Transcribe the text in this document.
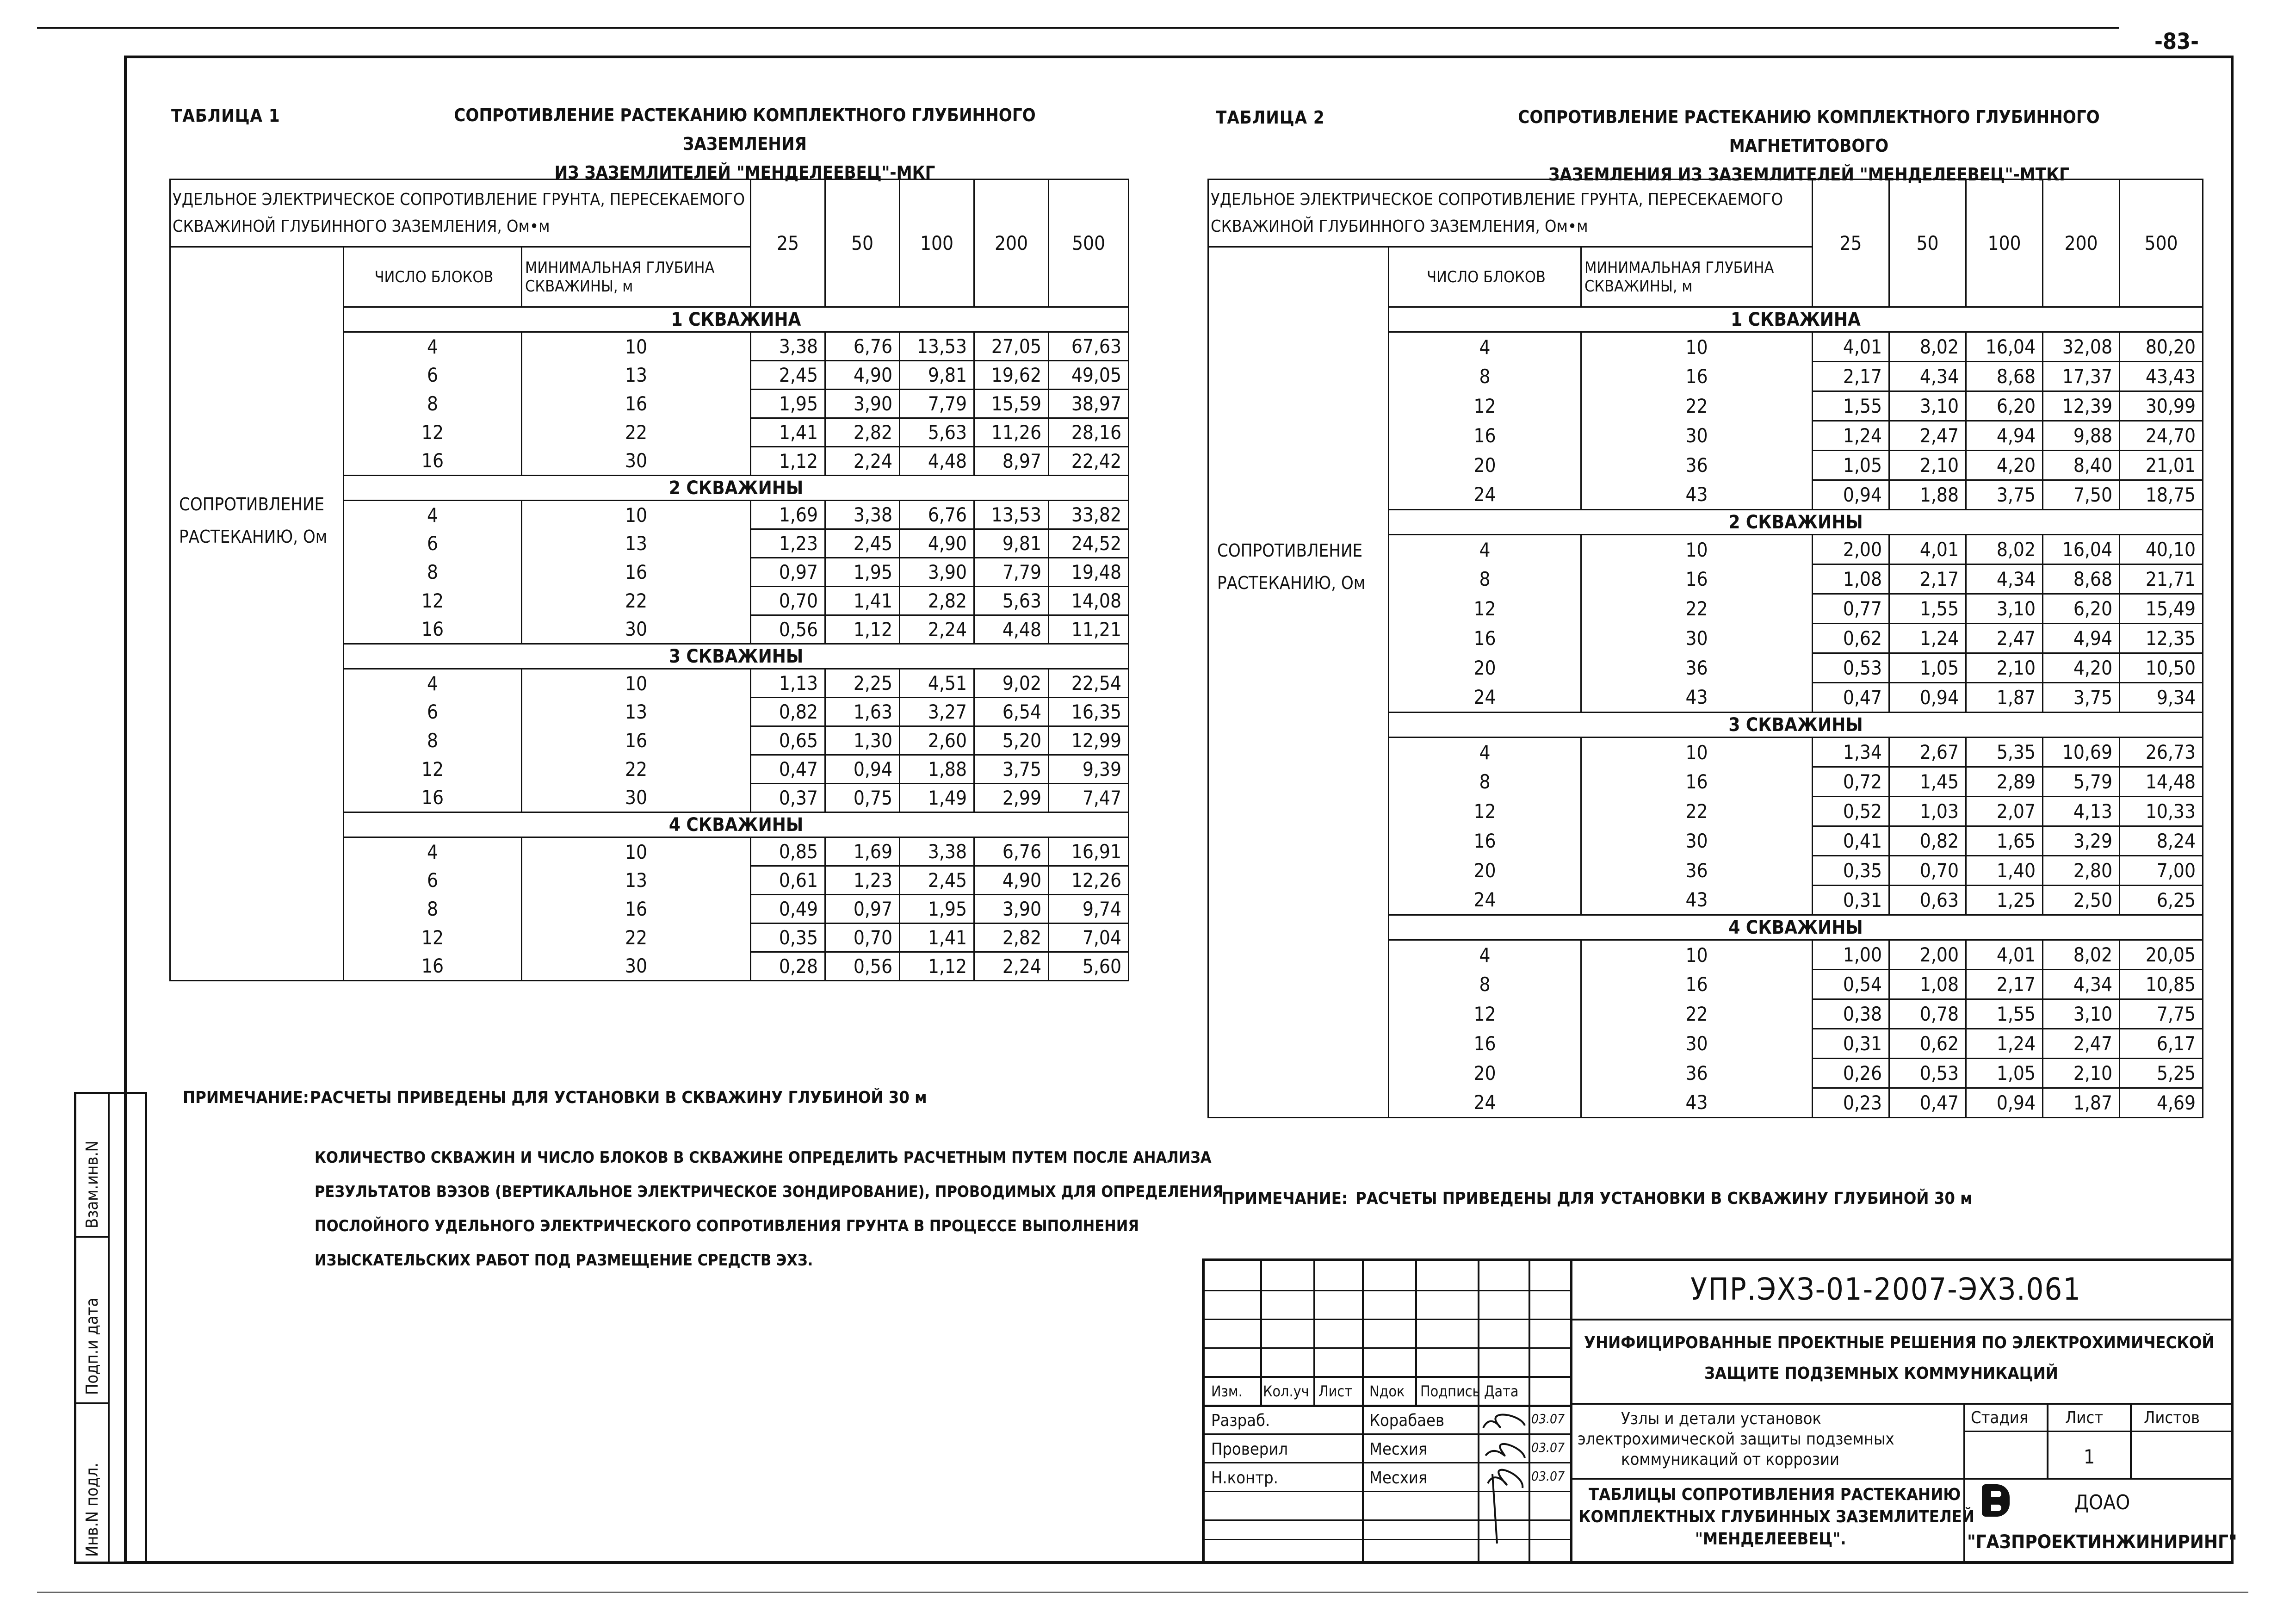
-83-
ТАБЛИЦА 1	СОПРОТИВЛЕНИЕ РАСТЕКАНИЮ КОМПЛЕКТНОГО ГЛУБИННОГО ЗАЗЕМЛЕНИЯ
ИЗ ЗАЗЕМЛИТЕЛЕЙ "МЕНДЕЛЕЕВЕЦ"-МКГ
УДЕЛЬНОЕ ЭЛЕКТРИЧЕСКОЕ СОПРОТИВЛЕНИЕ ГРУНТА, ПЕРЕСЕКАЕМОГО СКВАЖИНОЙ ГЛУБИННОГО ЗАЗЕМЛЕНИЯ, Ом•м			25	50	100	200	500
СОПРОТИВЛЕНИЕ РАСТЕКАНИЮ, Ом	ЧИСЛО БЛОКОВ	МИНИМАЛЬНАЯ ГЛУБИНА СКВАЖИНЫ, м					
	1 СКВАЖИНА						
	4	10	3,38	6,76	13,53	27,05	67,63
	6	13	2,45	4,90	9,81	19,62	49,05
	8	16	1,95	3,90	7,79	15,59	38,97
	12	22	1,41	2,82	5,63	11,26	28,16
	16	30	1,12	2,24	4,48	8,97	22,42
	2 СКВАЖИНЫ						
	4	10	1,69	3,38	6,76	13,53	33,82
	6	13	1,23	2,45	4,90	9,81	24,52
	8	16	0,97	1,95	3,90	7,79	19,48
	12	22	0,70	1,41	2,82	5,63	14,08
	16	30	0,56	1,12	2,24	4,48	11,21
	3 СКВАЖИНЫ						
	4	10	1,13	2,25	4,51	9,02	22,54
	6	13	0,82	1,63	3,27	6,54	16,35
	8	16	0,65	1,30	2,60	5,20	12,99
	12	22	0,47	0,94	1,88	3,75	9,39
	16	30	0,37	0,75	1,49	2,99	7,47
	4 СКВАЖИНЫ						
	4	10	0,85	1,69	3,38	6,76	16,91
	6	13	0,61	1,23	2,45	4,90	12,26
	8	16	0,49	0,97	1,95	3,90	9,74
	12	22	0,35	0,70	1,41	2,82	7,04
	16	30	0,28	0,56	1,12	2,24	5,60
ПРИМЕЧАНИЕ: РАСЧЕТЫ ПРИВЕДЕНЫ ДЛЯ УСТАНОВКИ В СКВАЖИНУ ГЛУБИНОЙ 30 м
КОЛИЧЕСТВО СКВАЖИН И ЧИСЛО БЛОКОВ В СКВАЖИНЕ ОПРЕДЕЛИТЬ РАСЧЕТНЫМ ПУТЕМ ПОСЛЕ АНАЛИЗА
РЕЗУЛЬТАТОВ ВЭЗОВ (ВЕРТИКАЛЬНОЕ ЭЛЕКТРИЧЕСКОЕ ЗОНДИРОВАНИЕ), ПРОВОДИМЫХ ДЛЯ ОПРЕДЕЛЕНИЯ
ПОСЛОЙНОГО УДЕЛЬНОГО ЭЛЕКТРИЧЕСКОГО СОПРОТИВЛЕНИЯ ГРУНТА В ПРОЦЕССЕ ВЫПОЛНЕНИЯ
ИЗЫСКАТЕЛЬСКИХ РАБОТ ПОД РАЗМЕЩЕНИЕ СРЕДСТВ ЭХЗ.
ТАБЛИЦА 2	СОПРОТИВЛЕНИЕ РАСТЕКАНИЮ КОМПЛЕКТНОГО ГЛУБИННОГО МАГНЕТИТОВОГО
ЗАЗЕМЛЕНИЯ ИЗ ЗАЗЕМЛИТЕЛЕЙ "МЕНДЕЛЕЕВЕЦ"-МТКГ
УДЕЛЬНОЕ ЭЛЕКТРИЧЕСКОЕ СОПРОТИВЛЕНИЕ ГРУНТА, ПЕРЕСЕКАЕМОГО СКВАЖИНОЙ ГЛУБИННОГО ЗАЗЕМЛЕНИЯ, Ом•м			25	50	100	200	500
СОПРОТИВЛЕНИЕ РАСТЕКАНИЮ, Ом	ЧИСЛО БЛОКОВ	МИНИМАЛЬНАЯ ГЛУБИНА СКВАЖИНЫ, м					
	1 СКВАЖИНА						
	4	10	4,01	8,02	16,04	32,08	80,20
	8	16	2,17	4,34	8,68	17,37	43,43
	12	22	1,55	3,10	6,20	12,39	30,99
	16	30	1,24	2,47	4,94	9,88	24,70
	20	36	1,05	2,10	4,20	8,40	21,01
	24	43	0,94	1,88	3,75	7,50	18,75
	2 СКВАЖИНЫ						
	4	10	2,00	4,01	8,02	16,04	40,10
	8	16	1,08	2,17	4,34	8,68	21,71
	12	22	0,77	1,55	3,10	6,20	15,49
	16	30	0,62	1,24	2,47	4,94	12,35
	20	36	0,53	1,05	2,10	4,20	10,50
	24	43	0,47	0,94	1,87	3,75	9,34
	3 СКВАЖИНЫ						
	4	10	1,34	2,67	5,35	10,69	26,73
	8	16	0,72	1,45	2,89	5,79	14,48
	12	22	0,52	1,03	2,07	4,13	10,33
	16	30	0,41	0,82	1,65	3,29	8,24
	20	36	0,35	0,70	1,40	2,80	7,00
	24	43	0,31	0,63	1,25	2,50	6,25
	4 СКВАЖИНЫ						
	4	10	1,00	2,00	4,01	8,02	20,05
	8	16	0,54	1,08	2,17	4,34	10,85
	12	22	0,38	0,78	1,55	3,10	7,75
	16	30	0,31	0,62	1,24	2,47	6,17
	20	36	0,26	0,53	1,05	2,10	5,25
	24	43	0,23	0,47	0,94	1,87	4,69
ПРИМЕЧАНИЕ: РАСЧЕТЫ ПРИВЕДЕНЫ ДЛЯ УСТАНОВКИ В СКВАЖИНУ ГЛУБИНОЙ 30 м
Взам.инв.N
Подп.и дата
Инв.N подл.
Изм. Кол.уч Лист Nдок Подпись Дата
Разраб.	Корабаев	03.07
Проверил	Месхия	03.07
Н.контр.	Месхия	03.07
УПР.ЭХЗ-01-2007-ЭХЗ.061
УНИФИЦИРОВАННЫЕ ПРОЕКТНЫЕ РЕШЕНИЯ ПО ЭЛЕКТРОХИМИЧЕСКОЙ
ЗАЩИТЕ ПОДЗЕМНЫХ КОММУНИКАЦИЙ
Узлы и детали установок
электрохимической защиты подземных
коммуникаций от коррозии
ТАБЛИЦЫ СОПРОТИВЛЕНИЯ РАСТЕКАНИЮ
КОМПЛЕКТНЫХ ГЛУБИННЫХ ЗАЗЕМЛИТЕЛЕЙ
"МЕНДЕЛЕЕВЕЦ".
Стадия Лист Листов
1
ДОАО
"ГАЗПРОЕКТИНЖИНИРИНГ"
